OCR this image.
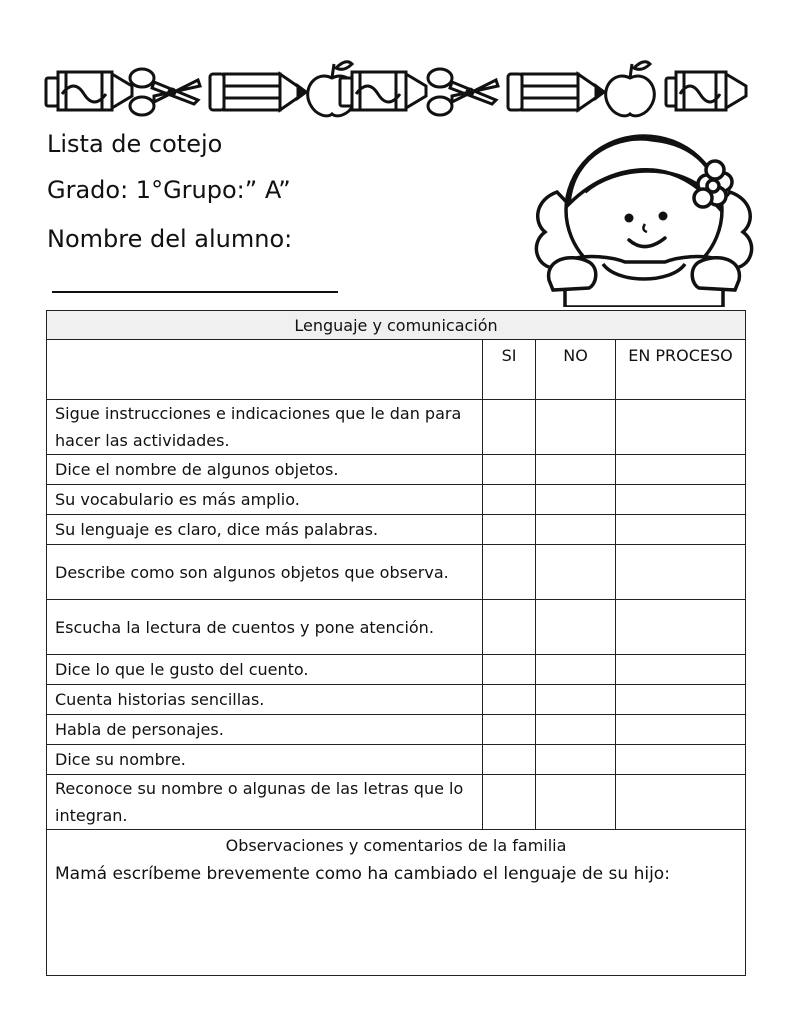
Lista de cotejo
Grado: 1°Grupo:” A”
Nombre del alumno:
Lenguaje y comunicación			
	SI	NO	EN PROCESO
Sigue instrucciones e indicaciones que le dan para hacer las actividades.			
Dice el nombre de algunos objetos.			
Su vocabulario es más amplio.			
Su lenguaje es claro, dice más palabras.			
Describe como son algunos objetos que observa.			
Escucha la lectura de cuentos y pone atención.			
Dice lo que le gusto del cuento.			
Cuenta historias sencillas.			
Habla de personajes.			
Dice su nombre.			
Reconoce su nombre o algunas de las letras que lo integran.			

Observaciones y comentarios de la familia
Mamá escríbeme brevemente como ha cambiado el lenguaje de su hijo:			
